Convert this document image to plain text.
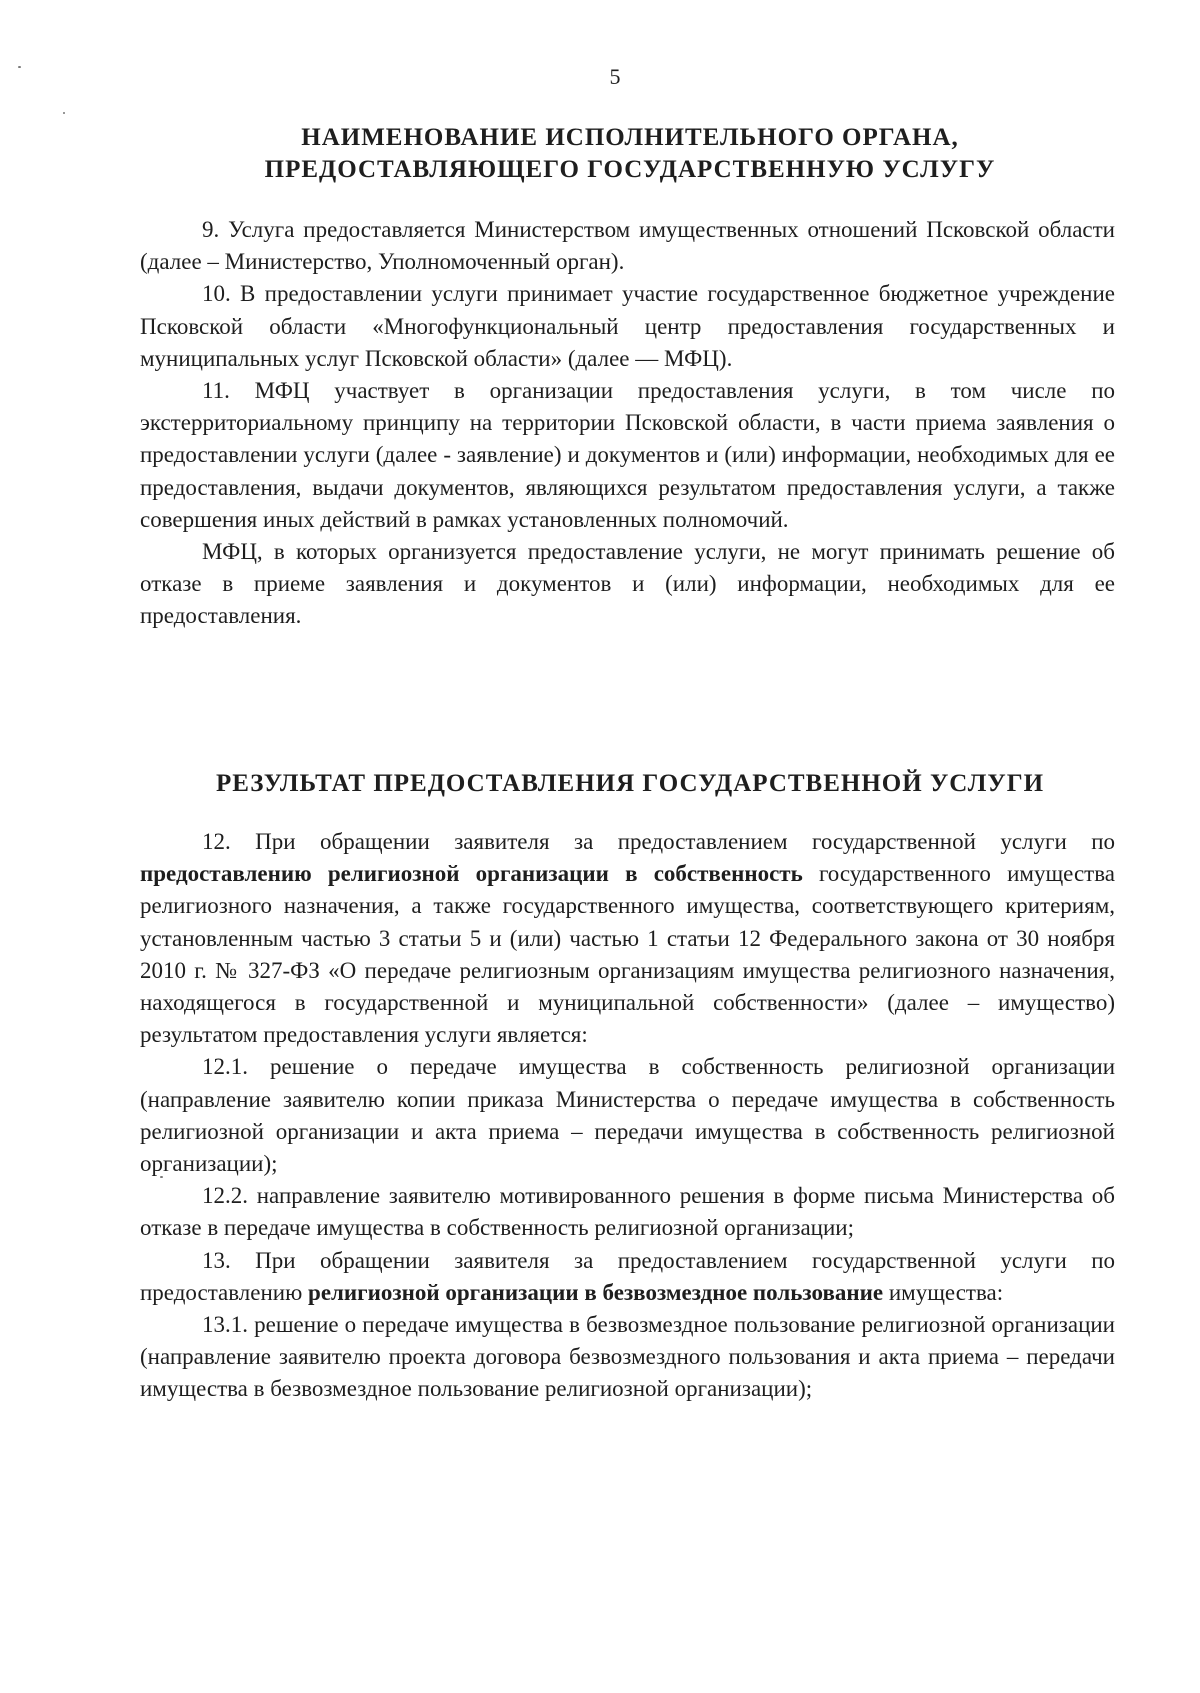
5
НАИМЕНОВАНИЕ ИСПОЛНИТЕЛЬНОГО ОРГАНА,
ПРЕДОСТАВЛЯЮЩЕГО ГОСУДАРСТВЕННУЮ УСЛУГУ

9. Услуга предоставляется Министерством имущественных отношений Псковской области (далее – Министерство, Уполномоченный орган).

10. В предоставлении услуги принимает участие государственное бюджетное учреждение Псковской области «Многофункциональный центр предоставления государственных и муниципальных услуг Псковской области» (далее — МФЦ).

11. МФЦ участвует в организации предоставления услуги, в том числе по экстерриториальному принципу на территории Псковской области, в части приема заявления о предоставлении услуги (далее - заявление) и документов и (или) информации, необходимых для ее предоставления, выдачи документов, являющихся результатом предоставления услуги, а также совершения иных действий в рамках установленных полномочий.

МФЦ, в которых организуется предоставление услуги, не могут принимать решение об отказе в приеме заявления и документов и (или) информации, необходимых для ее предоставления.

РЕЗУЛЬТАТ ПРЕДОСТАВЛЕНИЯ ГОСУДАРСТВЕННОЙ УСЛУГИ

12. При обращении заявителя за предоставлением государственной услуги по предоставлению религиозной организации в собственность государственного имущества религиозного назначения, а также государственного имущества, соответствующего критериям, установленным частью 3 статьи 5 и (или) частью 1 статьи 12 Федерального закона от 30 ноября 2010 г. № 327-ФЗ «О передаче религиозным организациям имущества религиозного назначения, находящегося в государственной и муниципальной собственности» (далее – имущество) результатом предоставления услуги является:

12.1. решение о передаче имущества в собственность религиозной организации (направление заявителю копии приказа Министерства о передаче имущества в собственность религиозной организации и акта приема – передачи имущества в собственность религиозной организации);

12.2. направление заявителю мотивированного решения в форме письма Министерства об отказе в передаче имущества в собственность религиозной организации;

13. При обращении заявителя за предоставлением государственной услуги по предоставлению религиозной организации в безвозмездное пользование имущества:

13.1. решение о передаче имущества в безвозмездное пользование религиозной организации (направление заявителю проекта договора безвозмездного пользования и акта приема – передачи имущества в безвозмездное пользование религиозной организации);
